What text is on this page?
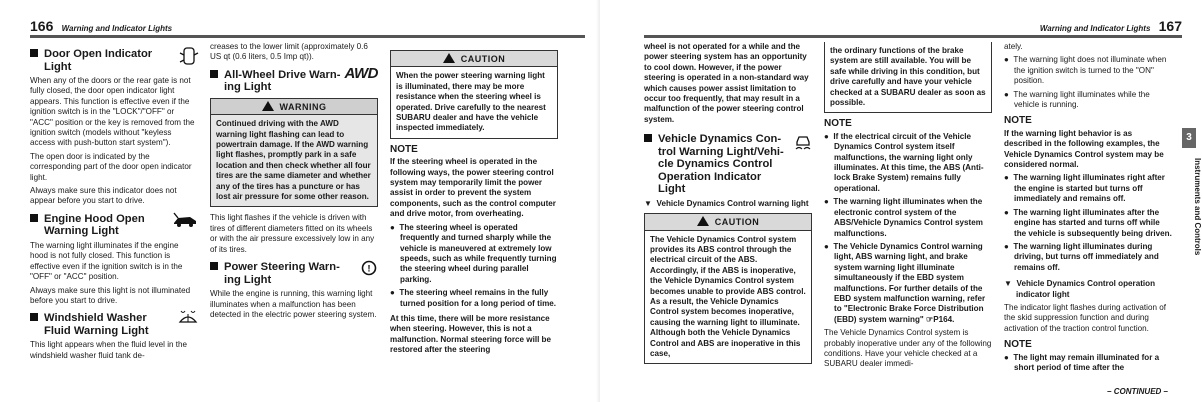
166 Warning and Indicator Lights
Door Open Indicator
Light

When any of the doors or the rear gate is not fully closed, the door open indicator light appears. This function is effective even if the ignition switch is in the "LOCK"/"OFF" or "ACC" position or the key is removed from the ignition switch (models without "keyless access with push-button start system").

The open door is indicated by the corresponding part of the door open indicator light.

Always make sure this indicator does not appear before you start to drive.

Engine Hood Open
Warning Light

The warning light illuminates if the engine hood is not fully closed. This function is effective even if the ignition switch is in the "OFF" or "ACC" position.

Always make sure this light is not illuminated before you start to drive.

Windshield Washer
Fluid Warning Light

This light appears when the fluid level in the windshield washer fluid tank de-

creases to the lower limit (approximately 0.6 US qt (0.6 liters, 0.5 Imp qt)).

All-Wheel Drive Warn-
ing Light
AWD
WARNING
Continued driving with the AWD warning light flashing can lead to powertrain damage. If the AWD warning light flashes, promptly park in a safe location and then check whether all four tires are the same diameter and whether any of the tires has a puncture or has lost air pressure for some other reason.

This light flashes if the vehicle is driven with tires of different diameters fitted on its wheels or with the air pressure excessively low in any of its tires.

Power Steering Warn-
ing Light
!

While the engine is running, this warning light illuminates when a malfunction has been detected in the electric power steering system.

CAUTION
When the power steering warning light is illuminated, there may be more resistance when the steering wheel is operated. Drive carefully to the nearest SUBARU dealer and have the vehicle inspected immediately.
NOTE

If the steering wheel is operated in the following ways, the power steering control system may temporarily limit the power assist in order to prevent the system components, such as the control computer and drive motor, from overheating.

●  The steering wheel is operated frequently and turned sharply while the vehicle is maneuvered at extremely low speeds, such as while frequently turning the steering wheel during parallel parking.

●  The steering wheel remains in the fully turned position for a long period of time.

At this time, there will be more resistance when steering. However, this is not a malfunction. Normal steering force will be restored after the steering

Warning and Indicator Lights 167

wheel is not operated for a while and the power steering system has an opportunity to cool down. However, if the power steering is operated in a non-standard way which causes power assist limitation to occur too frequently, that may result in a malfunction of the power steering control system.

Vehicle Dynamics Con-
trol Warning Light/Vehi-
cle Dynamics Control
Operation Indicator
Light

▼  Vehicle Dynamics Control warning light

CAUTION
The Vehicle Dynamics Control system provides its ABS control through the electrical circuit of the ABS. Accordingly, if the ABS is inoperative, the Vehicle Dynamics Control system becomes unable to provide ABS control. As a result, the Vehicle Dynamics Control system becomes inoperative, causing the warning light to illuminate. Although both the Vehicle Dynamics Control and ABS are inoperative in this case,
the ordinary functions of the brake system are still available. You will be safe while driving in this condition, but drive carefully and have your vehicle checked at a SUBARU dealer as soon as possible.
NOTE

●  If the electrical circuit of the Vehicle Dynamics Control system itself malfunctions, the warning light only illuminates. At this time, the ABS (Anti-lock Brake System) remains fully operational.

●  The warning light illuminates when the electronic control system of the ABS/Vehicle Dynamics Control system malfunctions.

●  The Vehicle Dynamics Control warning light, ABS warning light, and brake system warning light illuminate simultaneously if the EBD system malfunctions. For further details of the EBD system malfunction warning, refer to "Electronic Brake Force Distribution (EBD) system warning" ☞P164.

The Vehicle Dynamics Control system is probably inoperative under any of the following conditions. Have your vehicle checked at a SUBARU dealer immedi-

ately.

●  The warning light does not illuminate when the ignition switch is turned to the "ON" position.

●  The warning light illuminates while the vehicle is running.

NOTE

If the warning light behavior is as described in the following examples, the Vehicle Dynamics Control system may be considered normal.

●  The warning light illuminates right after the engine is started but turns off immediately and remains off.

●  The warning light illuminates after the engine has started and turns off while the vehicle is subsequently being driven.

●  The warning light illuminates during driving, but turns off immediately and remains off.

▼  Vehicle Dynamics Control operation
indicator light

The indicator light flashes during activation of the skid suppression function and during activation of the traction control function.

NOTE

●  The light may remain illuminated for a short period of time after the

3
Instruments and Controls
– CONTINUED –
